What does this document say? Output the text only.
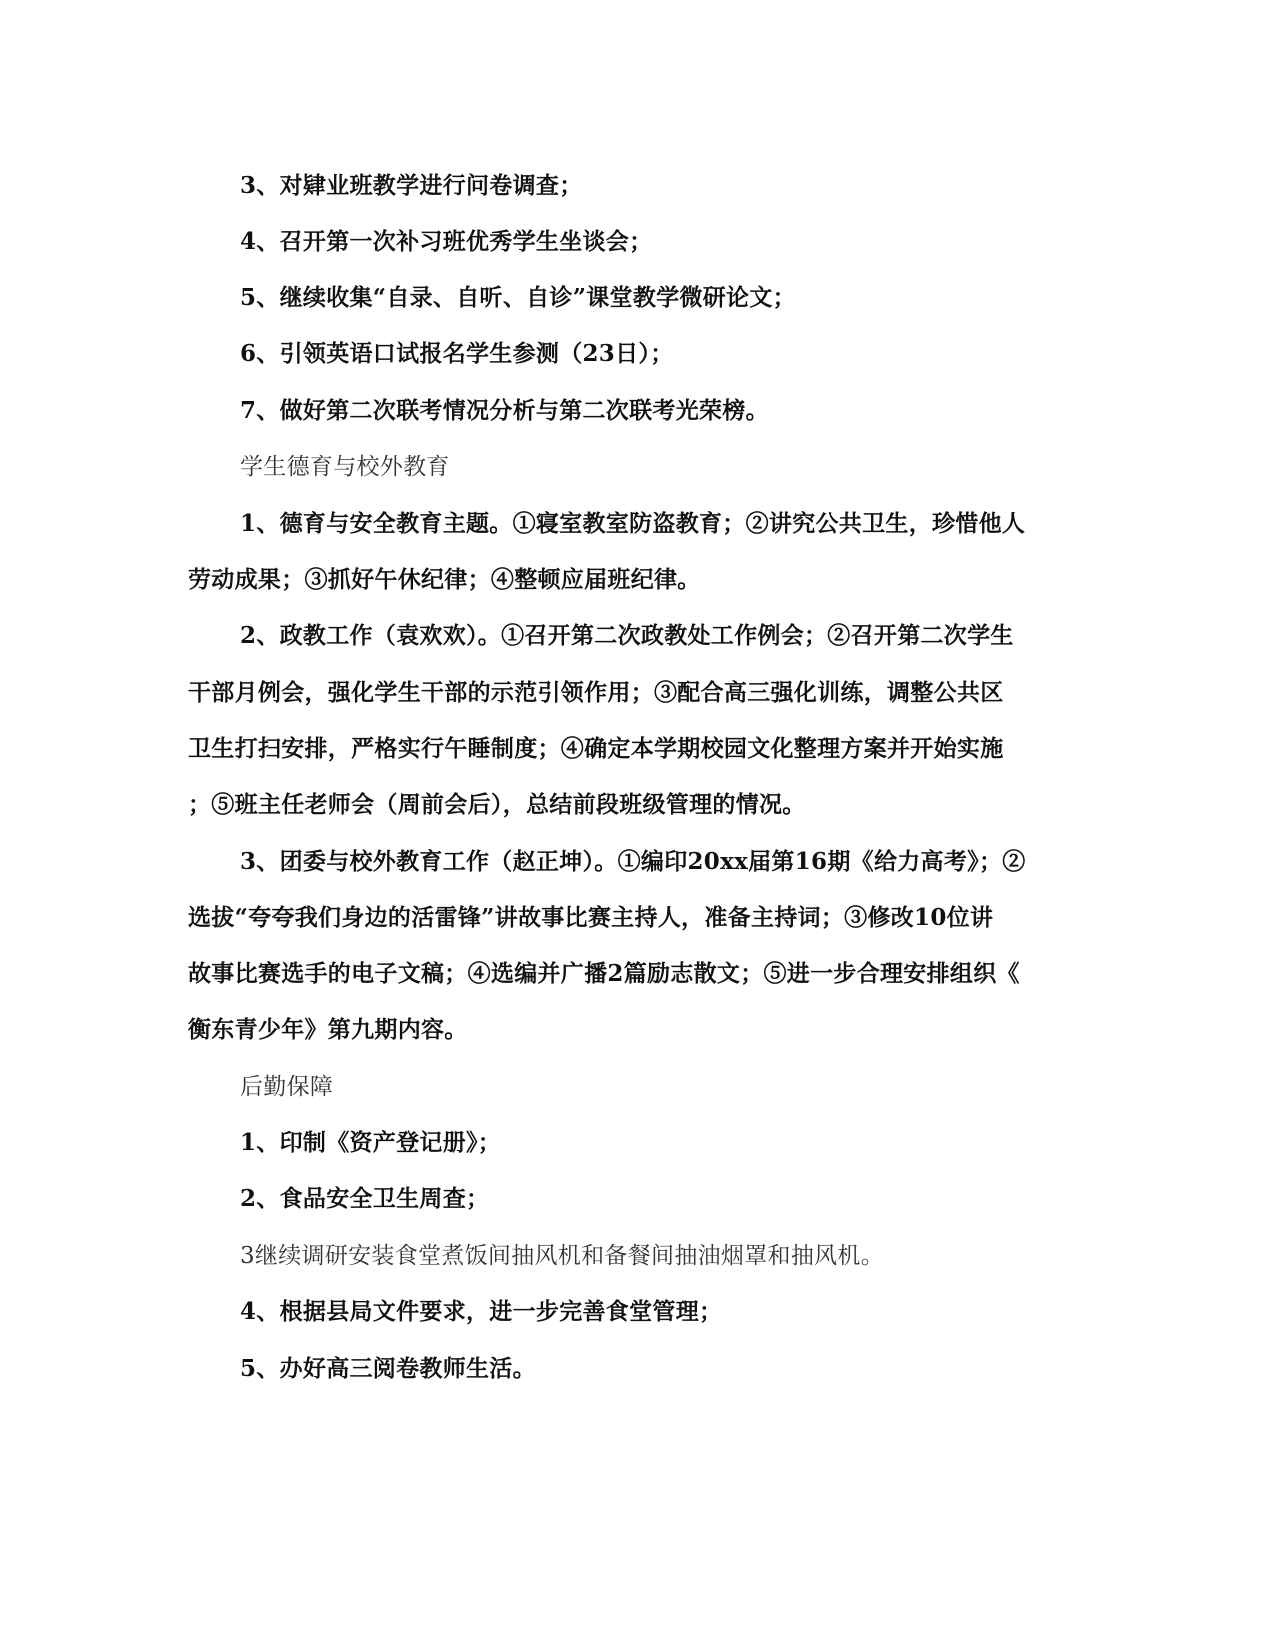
3、对肄业班教学进行问卷调查；
4、召开第一次补习班优秀学生坐谈会；
5、继续收集“自录、自听、自诊”课堂教学微研论文；
6、引领英语口试报名学生参测（23日）；
7、做好第二次联考情况分析与第二次联考光荣榜。
学生德育与校外教育
1、德育与安全教育主题。①寝室教室防盗教育；②讲究公共卫生，珍惜他人
劳动成果；③抓好午休纪律；④整顿应届班纪律。
2、政教工作（袁欢欢）。①召开第二次政教处工作例会；②召开第二次学生
干部月例会，强化学生干部的示范引领作用；③配合高三强化训练，调整公共区
卫生打扫安排，严格实行午睡制度；④确定本学期校园文化整理方案并开始实施
；⑤班主任老师会（周前会后），总结前段班级管理的情况。
3、团委与校外教育工作（赵正坤）。①编印20xx届第16期《给力高考》；②
选拔“夸夸我们身边的活雷锋”讲故事比赛主持人，准备主持词；③修改10位讲
故事比赛选手的电子文稿；④选编并广播2篇励志散文；⑤进一步合理安排组织《
衡东青少年》第九期内容。
后勤保障
1、印制《资产登记册》；
2、食品安全卫生周查；
3继续调研安装食堂煮饭间抽风机和备餐间抽油烟罩和抽风机。
4、根据县局文件要求，进一步完善食堂管理；
5、办好高三阅卷教师生活。
